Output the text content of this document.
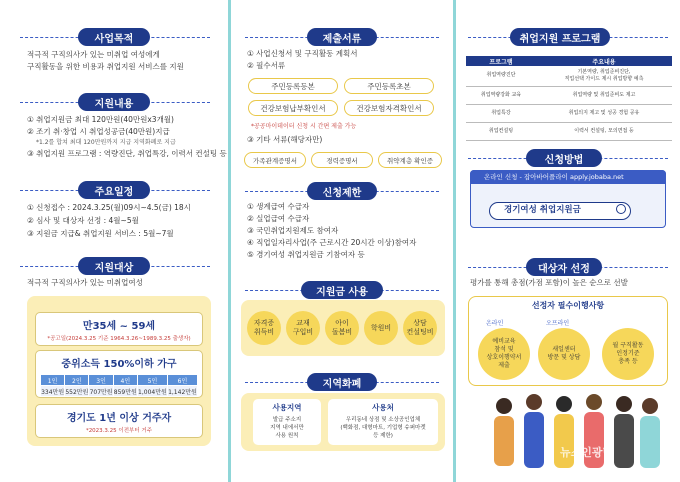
사업목적
적극적 구직의사가 있는 미취업 여성에게
구직활동을 위한 비용과 취업지원 서비스를 지원
지원내용
① 취업지원금 최대 120만원(40만원x3개월)
② 조기 취·창업 시 취업성공금(40만원)지급
*1.2를 합쳐 최대 120만원까지 지급 지역화폐로 지급
③ 취업지원 프로그램 : 역량진단, 취업특강, 이력서 컨설팅 등
주요일정
① 신청접수 : 2024.3.25(월)09시~4.5(금) 18시
② 심사 및 대상자 선정 : 4월~5월
③ 지원금 지급& 취업지원 서비스 : 5월~7월
지원대상
적극적 구직의사가 있는 미취업여성
만35세 ~ 59세
*공고일(2024.3.25 기준 1964.3.26~1989.3.25 출생자)
중위소득 150%이하 가구
1인	2인	3인	4인	5인	6인
334만원	552만원	707만원	859만원	1,004만원	1,142만원
경기도 1년 이상 거주자
*2023.3.25 이전부터 거주
제출서류
① 사업신청서 및 구직활동 계획서
② 필수서류
주민등록등본	주민등록초본
건강보험납부확인서	건강보험자격확인서
*공공마이데이터 신청 시 간편 제출 가능
③ 기타 서류(해당자만)
가족관계증명서	경력증명서	취약계층 확인증
신청제한
① 생계급여 수급자
② 실업급여 수급자
③ 국민취업지원제도 참여자
④ 직업일자리사업(주 근로시간 20시간 이상)참여자
⑤ 경기여성 취업지원금 기참여자 등
지원금 사용
자격증
취득비
교재
구입비
아이
돌봄비
학원비
상담
컨설팅비
지역화폐
사용지역
발급 주소지
지역 내에서만
사용 원칙
사용처
우리동네 상점 및 소상공인업체
(백화점, 대형마트, 기업형 슈퍼마켓
등 제한)
취업지원 프로그램
신청방법
온라인 신청 - 잡아바어플라이 apply.jobaba.net
경기여성 취업지원금
대상자 선정
평가를 통해 총점(가점 포함)이 높은 순으로 선발
선정자 필수이행사항
온라인	오프라인
예비교육
참석 및
상호이행약서
제출
새일센터
방문 및 상담
월 구직활동
인정기준
충족 등
뉴스인광명
프로그램	주요내용
취업역량진단	기본역량, 취업준비진단,
직업선택 가이드 제시 취업방향 예측
취업역량강화 교육	취업역량 및 취업준비도 제고
취업특강	취업의지 제고 및 성공 경험 공유
취업컨설팅	이력서 컨설팅, 모의면접 등
